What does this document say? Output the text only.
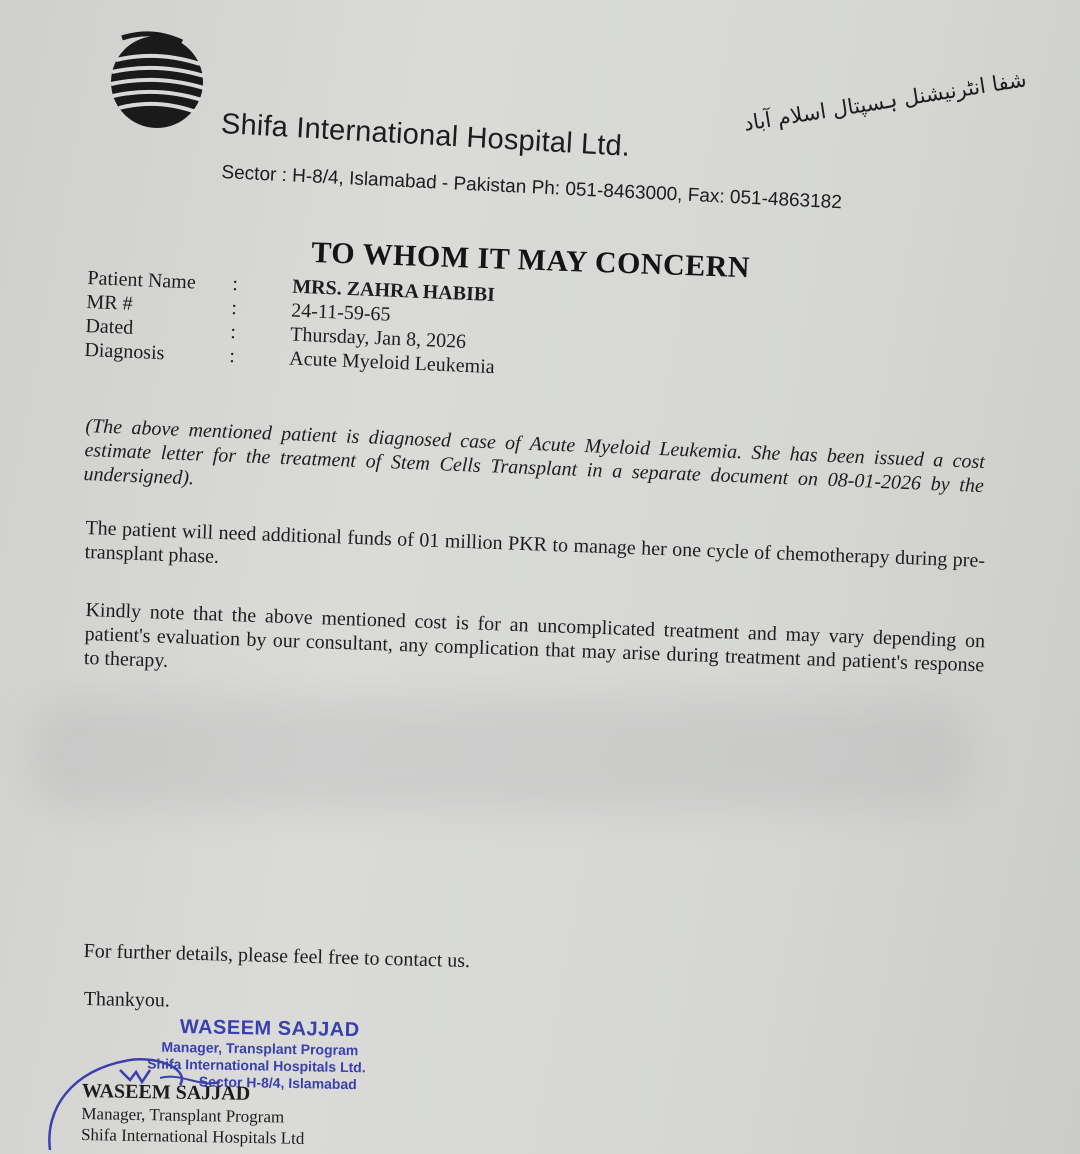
Shifa International Hospital Ltd.	شفا انٹرنیشنل ہسپتال اسلام آباد
Sector : H-8/4, Islamabad - Pakistan Ph: 051-8463000, Fax: 051-4863182
TO WHOM IT MAY CONCERN
Patient Name	:	MRS. ZAHRA HABIBI
MR #	:	24-11-59-65
Dated	:	Thursday, Jan 8, 2026
Diagnosis	:	Acute Myeloid Leukemia
(The above mentioned patient is diagnosed case of Acute Myeloid Leukemia. She has been issued a cost estimate letter for the treatment of Stem Cells Transplant in a separate document on 08-01-2026 by the undersigned).
The patient will need additional funds of 01 million PKR to manage her one cycle of chemotherapy during pre-transplant phase.
Kindly note that the above mentioned cost is for an uncomplicated treatment and may vary depending on patient's evaluation by our consultant, any complication that may arise during treatment and patient's response to therapy.
For further details, please feel free to contact us.
Thankyou.
WASEEM SAJJAD
Manager, Transplant Program
Shifa International Hospitals Ltd.
Sector H-8/4, Islamabad
WASEEM SAJJAD
Manager, Transplant Program
Shifa International Hospitals Ltd
